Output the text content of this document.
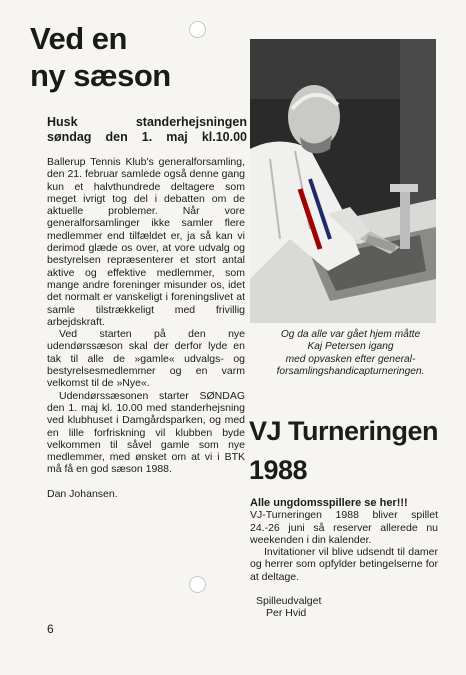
Ved en
ny sæson
Husk standerhejsningen
søndag den 1. maj kl.10.00

Ballerup Tennis Klub's generalforsamling, den 21. februar samlede også denne gang kun et halvthundrede deltagere som meget ivrigt tog del i debatten om de aktuelle problemer. Når vore generalforsamlinger ikke samler flere medlemmer end tilfældet er, ja så kan vi derimod glæde os over, at vore udvalg og bestyrelsen repræsenterer et stort antal aktive og effektive medlemmer, som mange andre foreninger misunder os, idet det normalt er vanskeligt i foreningslivet at samle tilstrækkeligt med frivillig arbejdskraft.

Ved starten på den nye udendørssæson skal der derfor lyde en tak til alle de »gamle« udvalgs- og bestyrelsesmedlemmer og en varm velkomst til de »Nye«.

Udendørssæsonen starter SØNDAG den 1. maj kl. 10.00 med standerhejsning ved klubhuset i Damgårdsparken, og med en lille forfriskning vil klubben byde velkommen til såvel gamle som nye medlemmer, med ønsket om at vi i BTK må få en god sæson 1988.

Dan Johansen.

Og da alle var gået hjem måtte
Kaj Petersen igang
med opvasken efter general-
forsamlingshandicapturneringen.

VJ Turneringen
1988

Alle ungdomsspillere se her!!!

VJ-Turneringen 1988 bliver spillet 24.-26 juni så reserver allerede nu weekenden i din kalender.

Invitationer vil blive udsendt til damer og herrer som opfylder betingelserne for at deltage.

Spilleudvalget
Per Hvid
6
